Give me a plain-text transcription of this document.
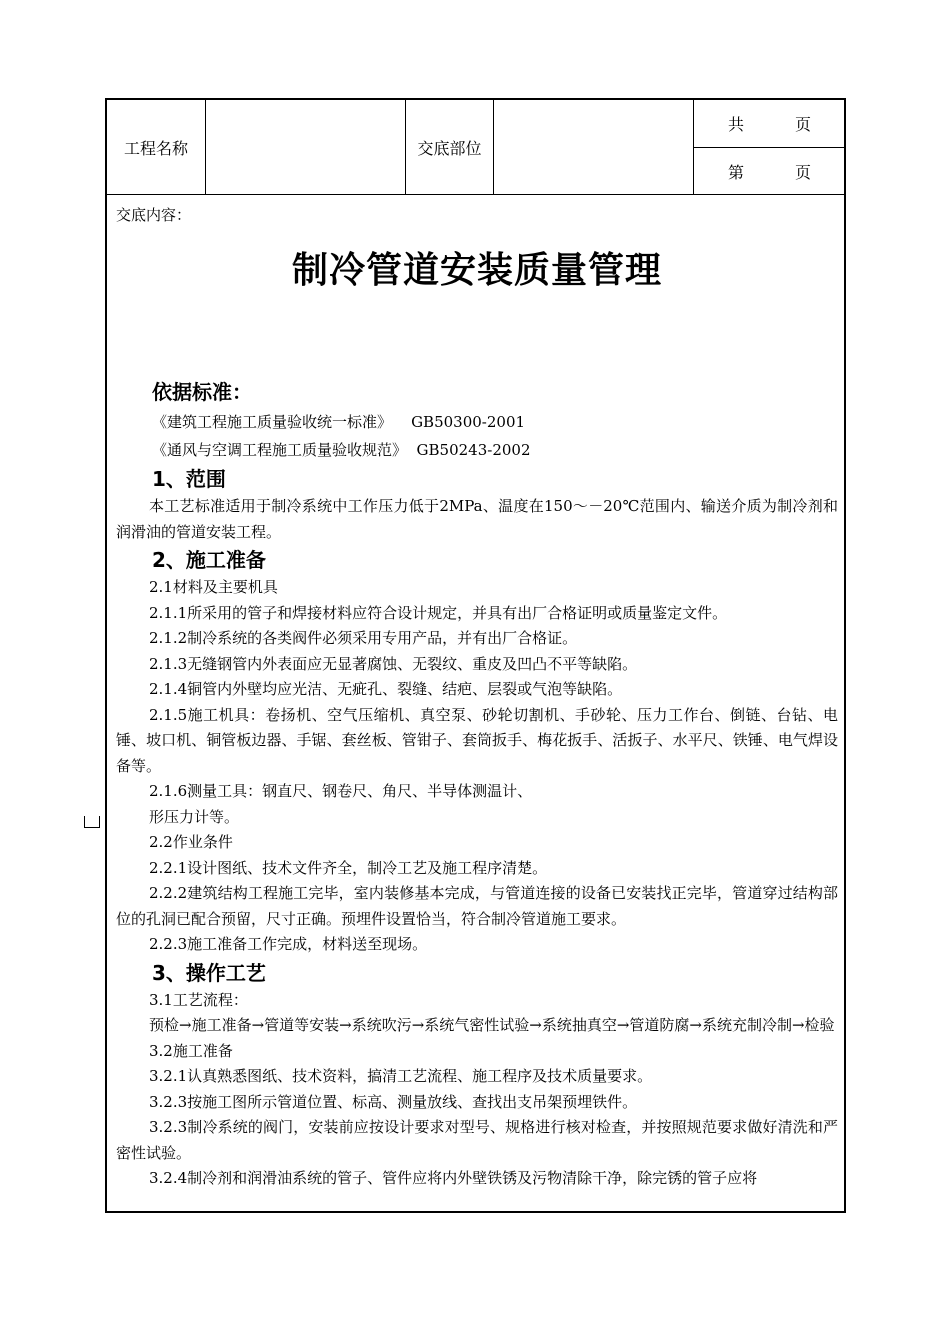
工程名称	交底部位
共	页
第	页
交底内容：
制冷管道安装质量管理
依据标准：
《建筑工程施工质量验收统一标准》    GB50300-2001
《通风与空调工程施工质量验收规范》  GB50243-2002
1、范围

本工艺标准适用于制冷系统中工作压力低于2MPa、温度在150～－20℃范围内、输送介质为制冷剂和润滑油的管道安装工程。

2、施工准备

2.1材料及主要机具

2.1.1所采用的管子和焊接材料应符合设计规定，并具有出厂合格证明或质量鉴定文件。

2.1.2制冷系统的各类阀件必须采用专用产品，并有出厂合格证。

2.1.3无缝钢管内外表面应无显著腐蚀、无裂纹、重皮及凹凸不平等缺陷。

2.1.4铜管内外壁均应光洁、无疵孔、裂缝、结疤、层裂或气泡等缺陷。

2.1.5施工机具：卷扬机、空气压缩机、真空泵、砂轮切割机、手砂轮、压力工作台、倒链、台钻、电锤、坡口机、铜管板边器、手锯、套丝板、管钳子、套筒扳手、梅花扳手、活扳子、水平尺、铁锤、电气焊设备等。

2.1.6测量工具：钢直尺、钢卷尺、角尺、半导体测温计、

形压力计等。

2.2作业条件

2.2.1设计图纸、技术文件齐全，制冷工艺及施工程序清楚。

2.2.2建筑结构工程施工完毕，室内装修基本完成，与管道连接的设备已安装找正完毕，管道穿过结构部位的孔洞已配合预留，尺寸正确。预埋件设置恰当，符合制冷管道施工要求。

2.2.3施工准备工作完成，材料送至现场。

3、操作工艺

3.1工艺流程：

预检→施工准备→管道等安装→系统吹污→系统气密性试验→系统抽真空→管道防腐→系统充制冷制→检验

3.2施工准备

3.2.1认真熟悉图纸、技术资料，搞清工艺流程、施工程序及技术质量要求。

3.2.3按施工图所示管道位置、标高、测量放线、查找出支吊架预埋铁件。

3.2.3制冷系统的阀门，安装前应按设计要求对型号、规格进行核对检查，并按照规范要求做好清洗和严密性试验。

3.2.4制冷剂和润滑油系统的管子、管件应将内外壁铁锈及污物清除干净，除完锈的管子应将
